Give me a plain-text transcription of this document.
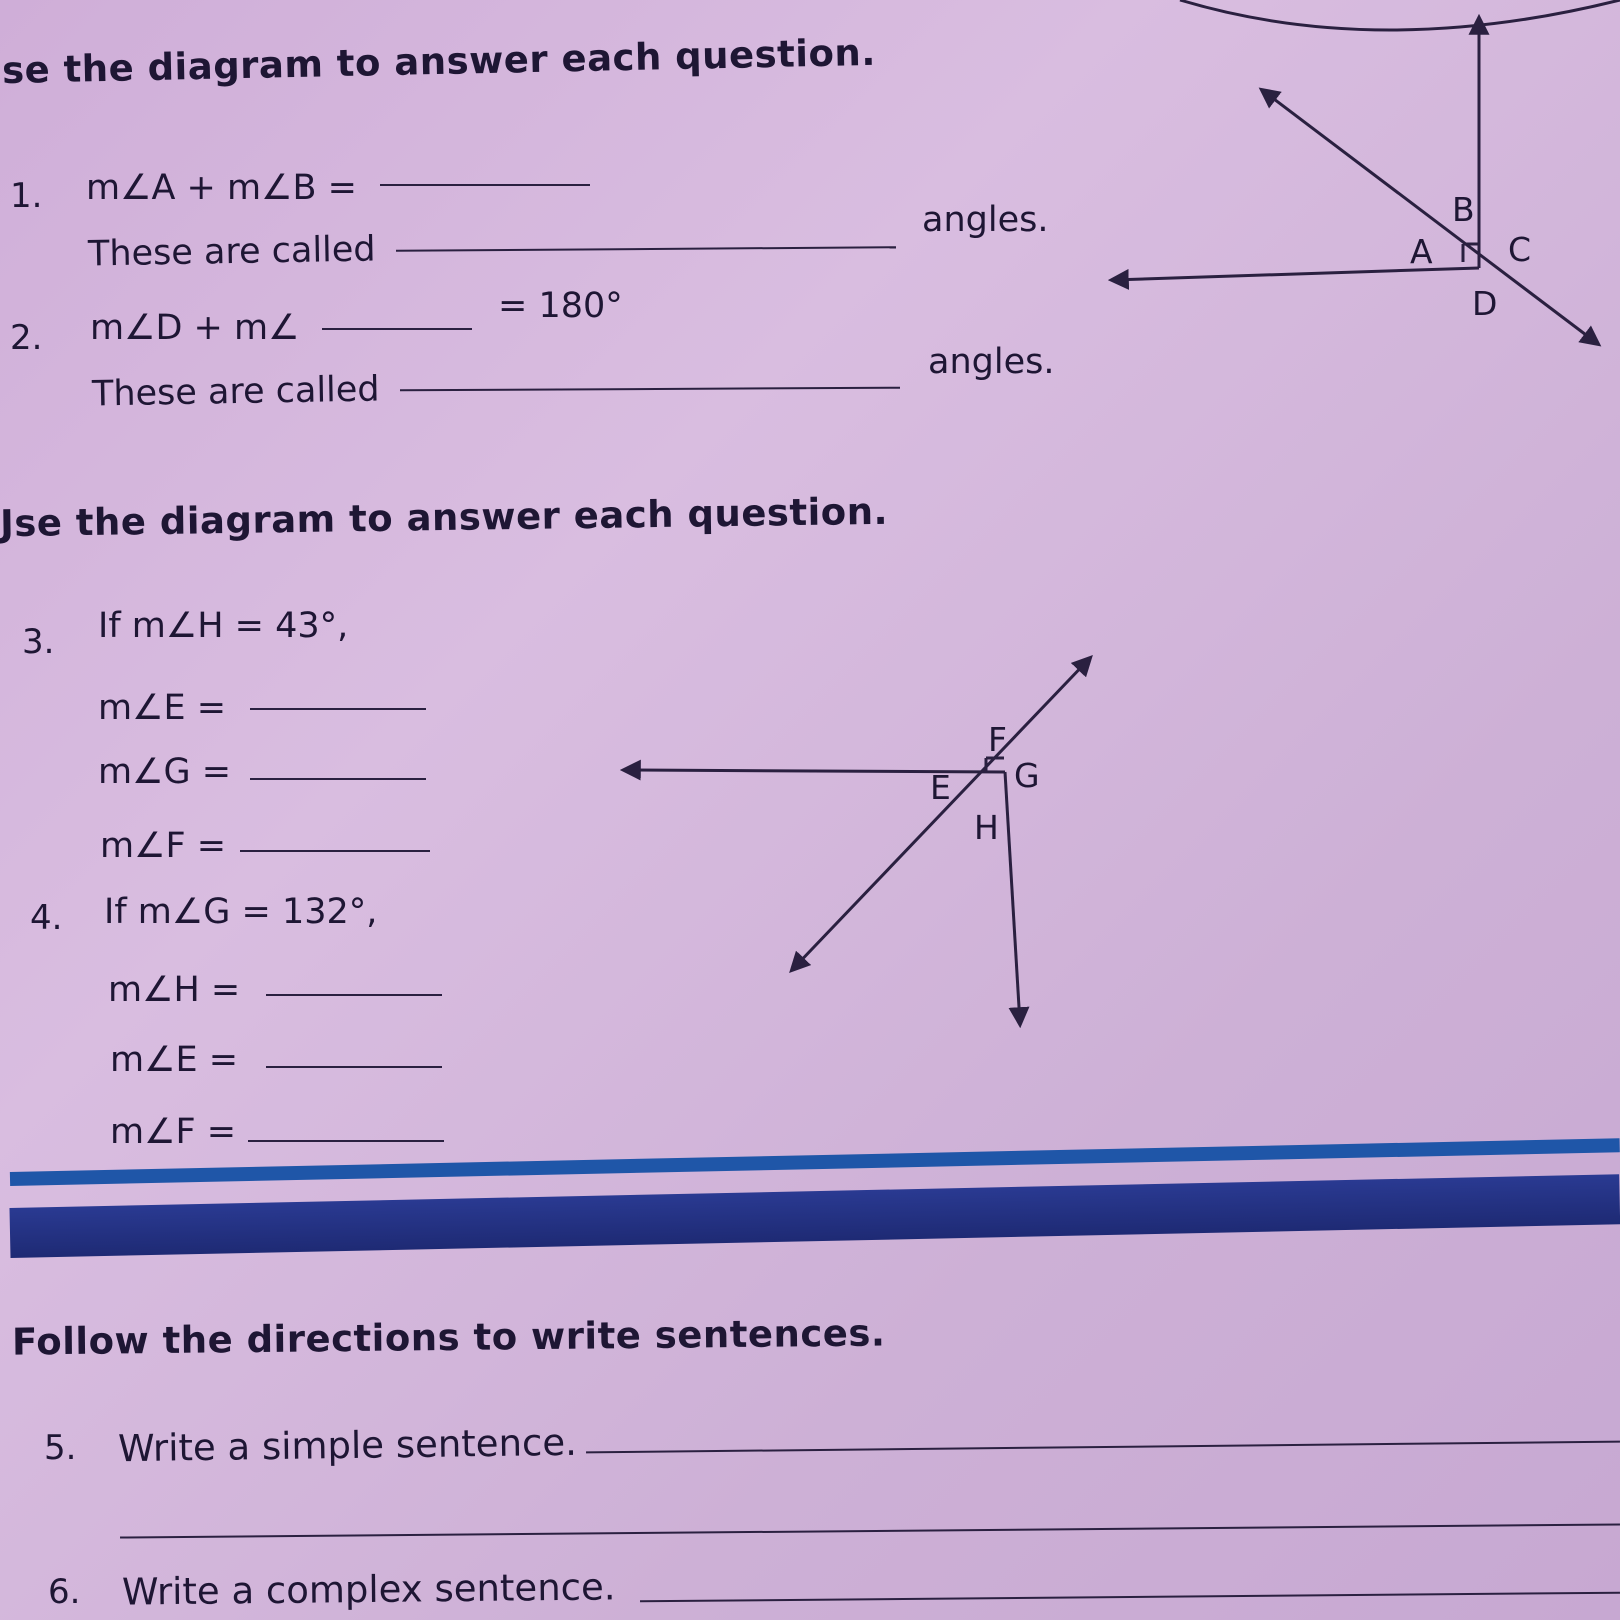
se the diagram to answer each question.
1. m∠A + m∠B =
These are called
angles.
2. m∠D + m∠
= 180°
These are called
angles.
B
A C
D
Jse the diagram to answer each question.
3. If m∠H = 43°,
m∠E =
m∠G =
m∠F =
4. If m∠G = 132°,
m∠H =
m∠E =
m∠F =
F
E G
H
Follow the directions to write sentences.
5. Write a simple sentence.
6. Write a complex sentence.
